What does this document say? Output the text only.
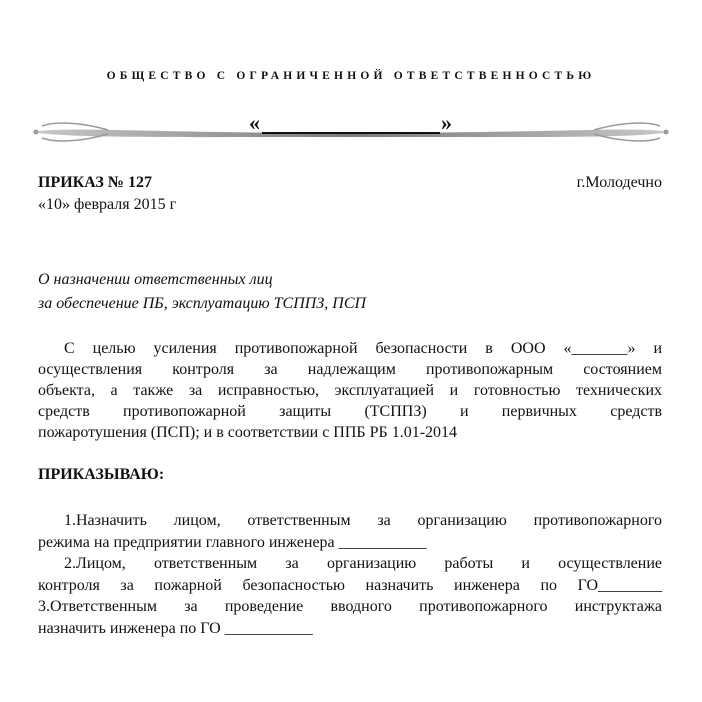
ОБЩЕСТВО С ОГРАНИЧЕННОЙ ОТВЕТСТВЕННОСТЬЮ
«	»
ПРИКАЗ № 127	г.Молодечно
«10» февраля 2015 г
О назначении ответственных лиц
за обеспечение ПБ, эксплуатацию ТСППЗ, ПСП
С целью усиления противопожарной безопасности в ООО «_______» и
осуществления контроля за надлежащим противопожарным состоянием
объекта, а также за исправностью, эксплуатацией и готовностью технических
средств противопожарной защиты (ТСППЗ) и первичных средств
пожаротушения (ПСП); и в соответствии с ППБ РБ 1.01-2014
ПРИКАЗЫВАЮ:
1.Назначить лицом, ответственным за организацию противопожарного
режима на предприятии главного инженера ___________
2.Лицом, ответственным за организацию работы и осуществление
контроля за пожарной безопасностью назначить инженера по ГО________
3.Ответственным за проведение вводного противопожарного инструктажа
назначить инженера по ГО ___________
